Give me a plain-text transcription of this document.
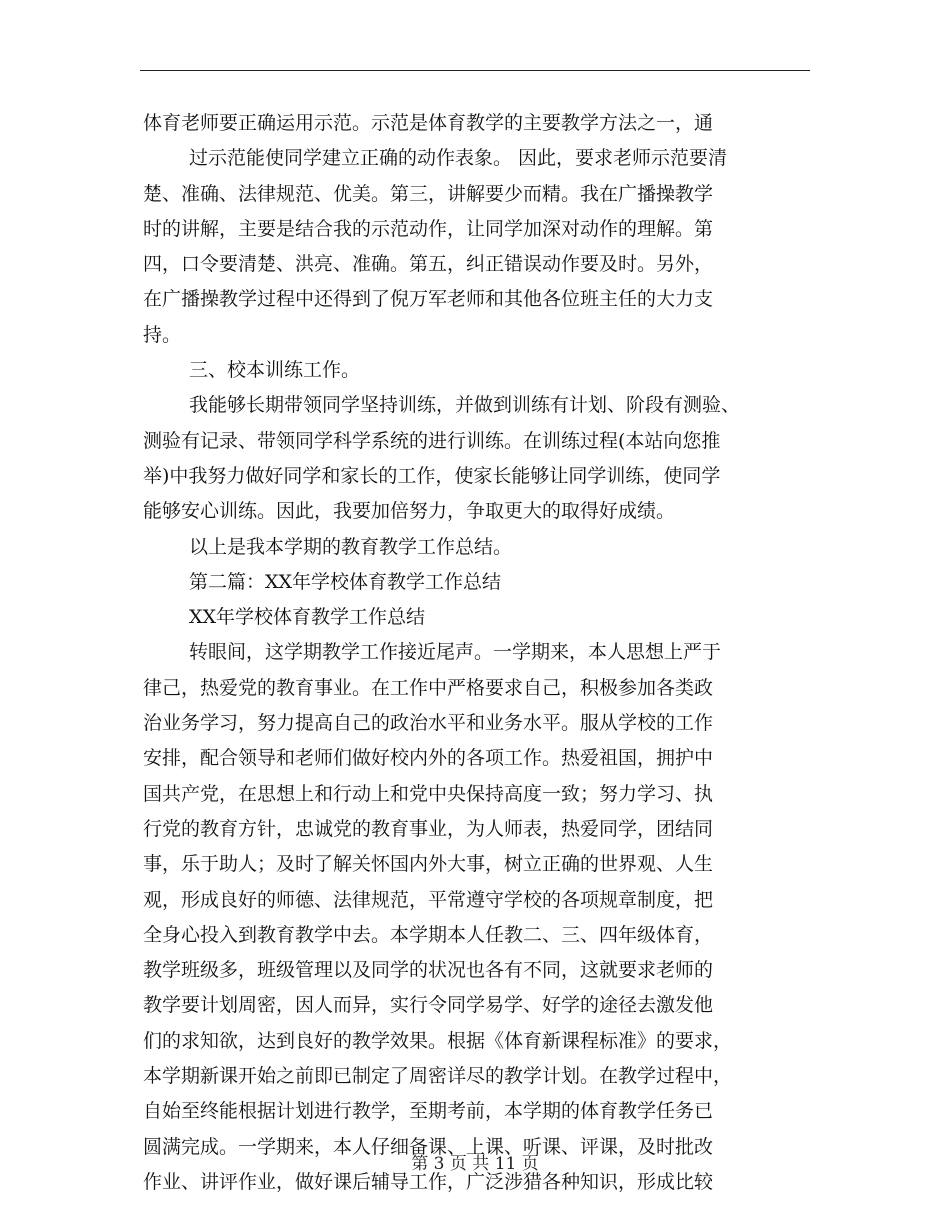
体育老师要正确运用示范。示范是体育教学的主要教学方法之一，通
过示范能使同学建立正确的动作表象。 因此，要求老师示范要清
楚、准确、法律规范、优美。第三，讲解要少而精。我在广播操教学
时的讲解，主要是结合我的示范动作，让同学加深对动作的理解。第
四，口令要清楚、洪亮、准确。第五，纠正错误动作要及时。另外，
在广播操教学过程中还得到了倪万军老师和其他各位班主任的大力支
持。
三、校本训练工作。
我能够长期带领同学坚持训练，并做到训练有计划、阶段有测验、
测验有记录、带领同学科学系统的进行训练。在训练过程(本站向您推
举)中我努力做好同学和家长的工作，使家长能够让同学训练，使同学
能够安心训练。因此，我要加倍努力，争取更大的取得好成绩。
以上是我本学期的教育教学工作总结。
第二篇：XX年学校体育教学工作总结
XX年学校体育教学工作总结
转眼间，这学期教学工作接近尾声。一学期来，本人思想上严于
律己，热爱党的教育事业。在工作中严格要求自己，积极参加各类政
治业务学习，努力提高自己的政治水平和业务水平。服从学校的工作
安排，配合领导和老师们做好校内外的各项工作。热爱祖国，拥护中
国共产党，在思想上和行动上和党中央保持高度一致；努力学习、执
行党的教育方针，忠诚党的教育事业，为人师表，热爱同学，团结同
事，乐于助人；及时了解关怀国内外大事，树立正确的世界观、人生
观，形成良好的师德、法律规范，平常遵守学校的各项规章制度，把
全身心投入到教育教学中去。本学期本人任教二、三、四年级体育，
教学班级多，班级管理以及同学的状况也各有不同，这就要求老师的
教学要计划周密，因人而异，实行令同学易学、好学的途径去激发他
们的求知欲，达到良好的教学效果。根据《体育新课程标准》的要求，
本学期新课开始之前即已制定了周密详尽的教学计划。在教学过程中，
自始至终能根据计划进行教学，至期考前，本学期的体育教学任务已
圆满完成。一学期来，本人仔细备课、上课、听课、评课，及时批改
作业、讲评作业，做好课后辅导工作，广泛涉猎各种知识，形成比较
第 3 页 共 11 页
